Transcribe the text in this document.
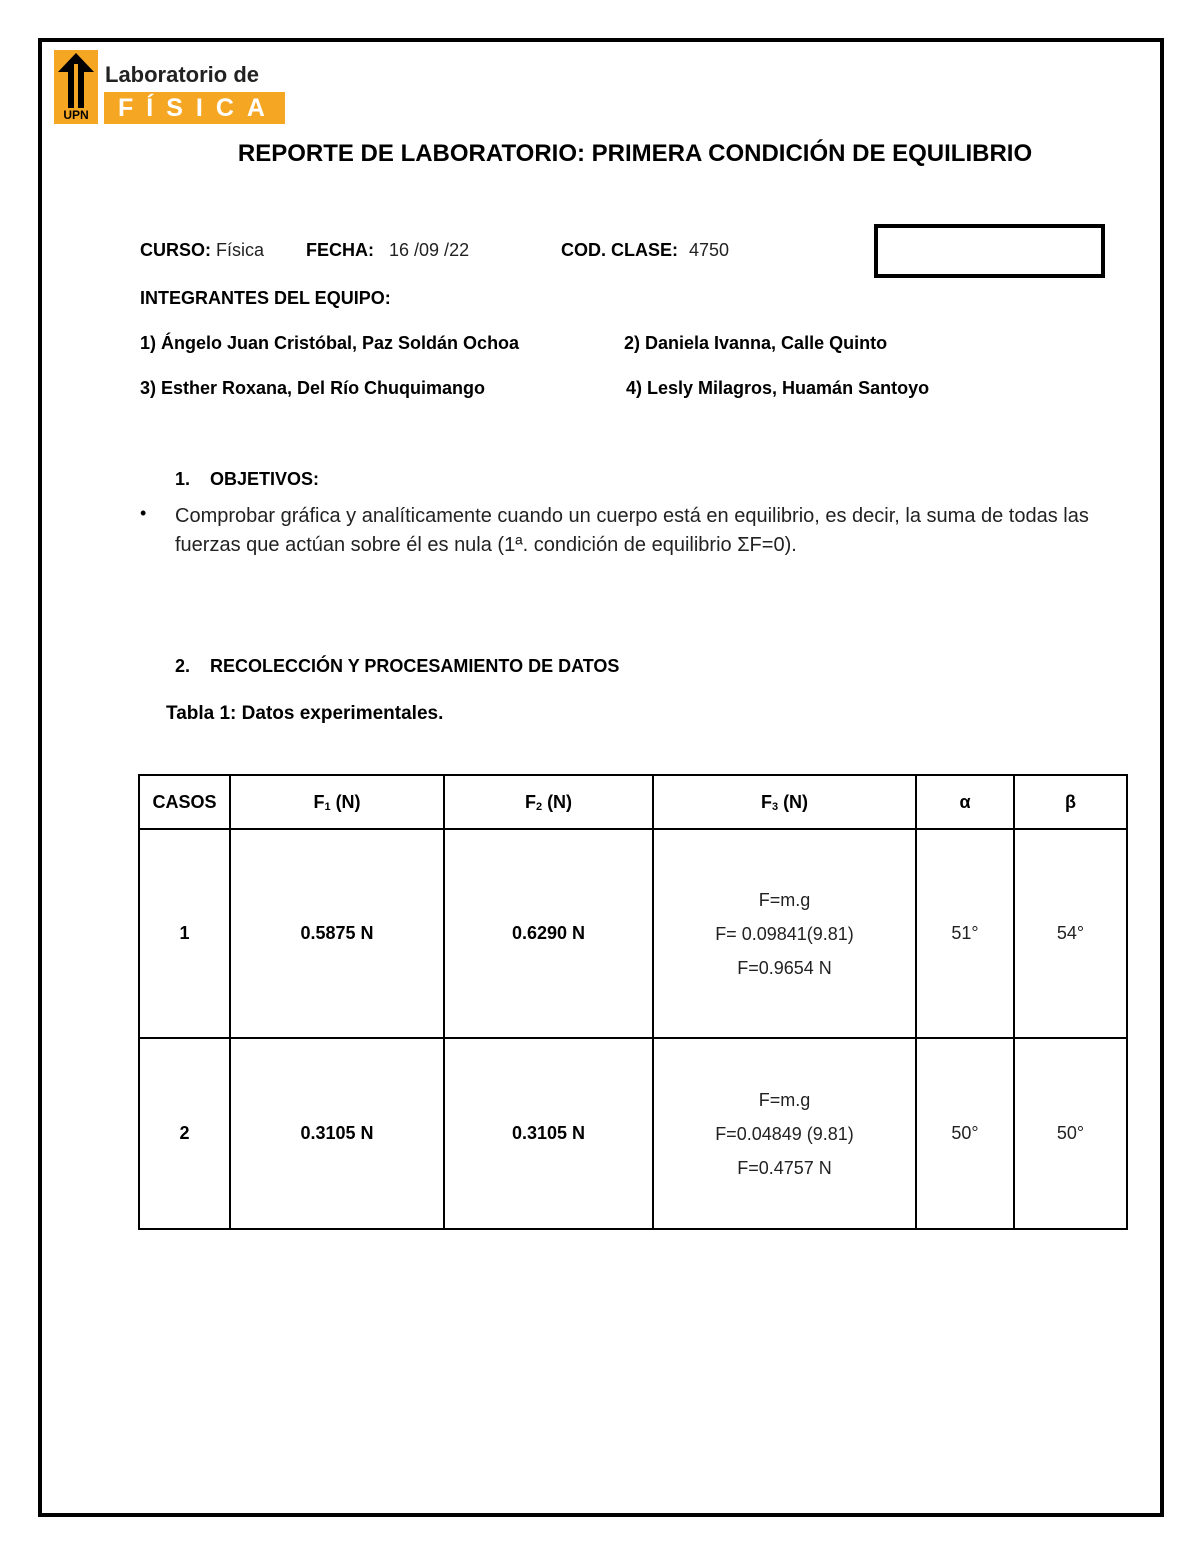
UPN
Laboratorio de
FÍSICA
REPORTE DE LABORATORIO: PRIMERA CONDICIÓN DE EQUILIBRIO
CURSO: Física FECHA: 16 /09 /22	COD. CLASE: 4750
INTEGRANTES DEL EQUIPO:
1) Ángelo Juan Cristóbal, Paz Soldán Ochoa	2) Daniela Ivanna, Calle Quinto
3) Esther Roxana, Del Río Chuquimango	4) Lesly Milagros, Huamán Santoyo
1.    OBJETIVOS:
• Comprobar gráfica y analíticamente cuando un cuerpo está en equilibrio, es decir, la suma de todas las fuerzas que actúan sobre él es nula (1ª. condición de equilibrio ΣF=0).
2.    RECOLECCIÓN Y PROCESAMIENTO DE DATOS
Tabla 1: Datos experimentales.
CASOS	$F_1$ (N)	$F_2$ (N)	$F_3$ (N)	α	β
1	0.5875 N	0.6290 N	F=m.g
F= 0.09841(9.81)
F=0.9654 N	51°	54°
2	0.3105 N	0.3105 N	F=m.g
F=0.04849 (9.81)
F=0.4757 N	50°	50°
